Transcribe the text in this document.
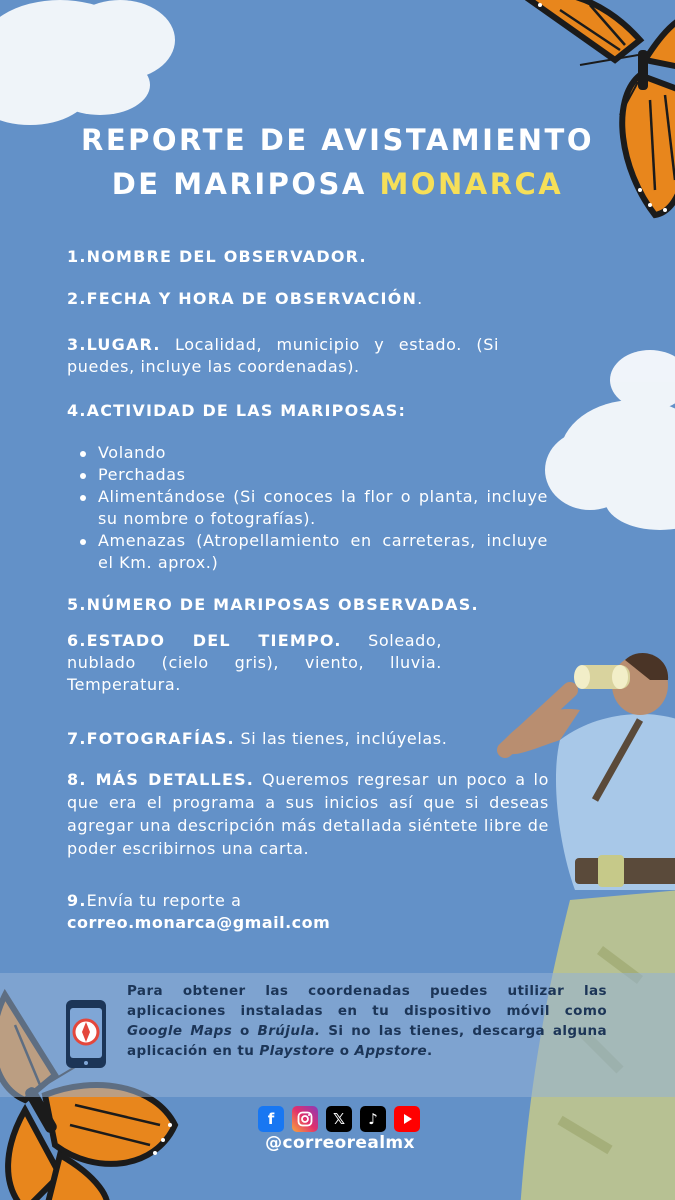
REPORTE DE AVISTAMIENTO
DE MARIPOSA MONARCA
1.NOMBRE DEL OBSERVADOR.
2.FECHA Y HORA DE OBSERVACIÓN.
3.LUGAR. Localidad, municipio y estado. (Si puedes, incluye las coordenadas).
4.ACTIVIDAD DE LAS MARIPOSAS:
Volando
Perchadas
Alimentándose (Si conoces la flor o planta, incluye su nombre o fotografías).
Amenazas (Atropellamiento en carreteras, incluye el Km. aprox.)
5.NÚMERO DE MARIPOSAS OBSERVADAS.
6.ESTADO DEL TIEMPO. Soleado, nublado (cielo gris), viento, lluvia. Temperatura.
7.FOTOGRAFÍAS. Si las tienes, inclúyelas.
8. MÁS DETALLES. Queremos regresar un poco a lo que era el programa a sus inicios así que si deseas agregar una descripción más detallada siéntete libre de poder escribirnos una carta.
9.Envía tu reporte a
correo.monarca@gmail.com
Para obtener las coordenadas puedes utilizar las aplicaciones instaladas en tu dispositivo móvil como Google Maps o Brújula. Si no las tienes, descarga alguna aplicación en tu Playstore o Appstore.
f	𝕏	♪
@correorealmx
